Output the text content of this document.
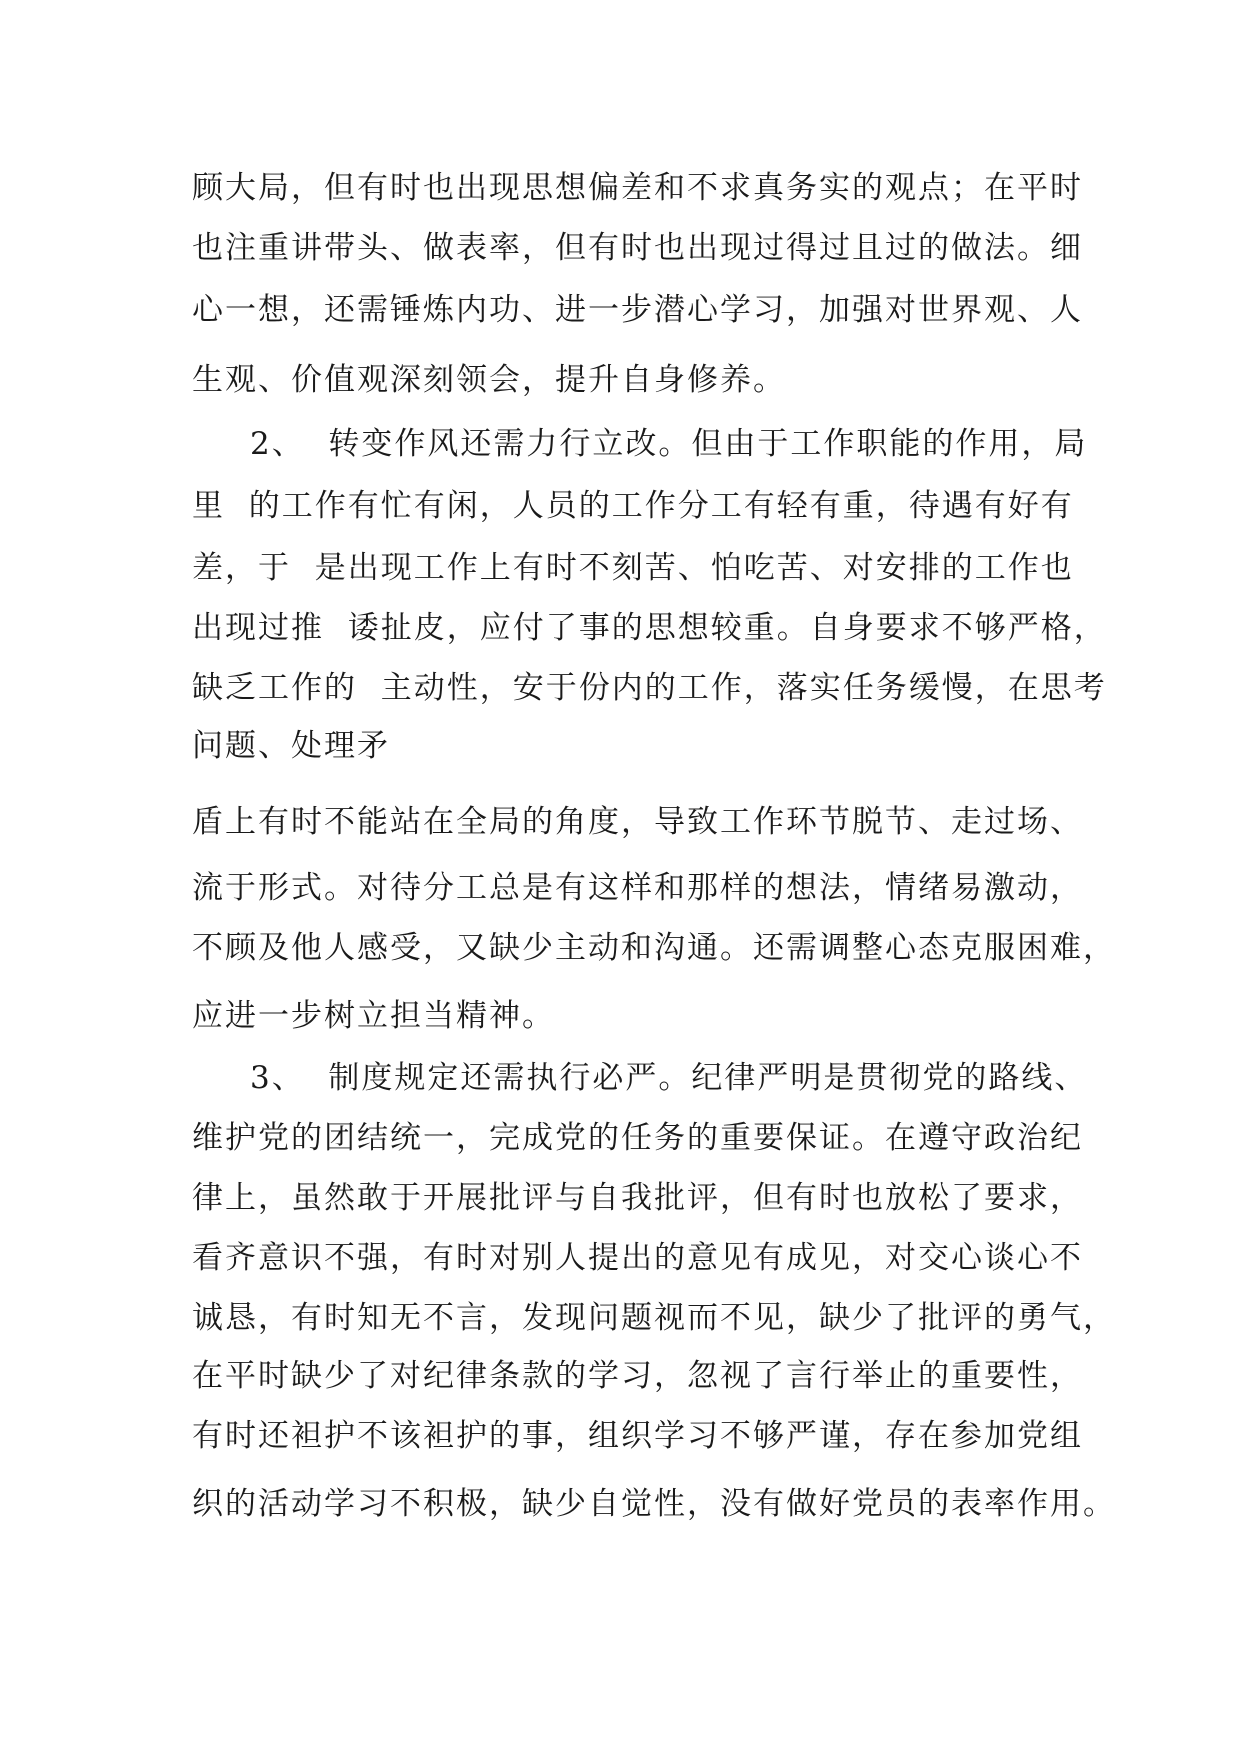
顾大局，但有时也出现思想偏差和不求真务实的观点；在平时
也注重讲带头、做表率，但有时也出现过得过且过的做法。细
心一想，还需锤炼内功、进一步潜心学习，加强对世界观、人
生观、价值观深刻领会，提升自身修养。
2、  转变作风还需力行立改。但由于工作职能的作用，局
里  的工作有忙有闲，人员的工作分工有轻有重，待遇有好有
差，于  是出现工作上有时不刻苦、怕吃苦、对安排的工作也
出现过推  诿扯皮，应付了事的思想较重。自身要求不够严格，
缺乏工作的  主动性，安于份内的工作，落实任务缓慢，在思考
问题、处理矛
盾上有时不能站在全局的角度，导致工作环节脱节、走过场、
流于形式。对待分工总是有这样和那样的想法，情绪易激动，
不顾及他人感受，又缺少主动和沟通。还需调整心态克服困难，
应进一步树立担当精神。
3、  制度规定还需执行必严。纪律严明是贯彻党的路线、
维护党的团结统一，完成党的任务的重要保证。在遵守政治纪
律上，虽然敢于开展批评与自我批评，但有时也放松了要求，
看齐意识不强，有时对别人提出的意见有成见，对交心谈心不
诚恳，有时知无不言，发现问题视而不见，缺少了批评的勇气，
在平时缺少了对纪律条款的学习，忽视了言行举止的重要性，
有时还袒护不该袒护的事，组织学习不够严谨，存在参加党组
织的活动学习不积极，缺少自觉性，没有做好党员的表率作用。
